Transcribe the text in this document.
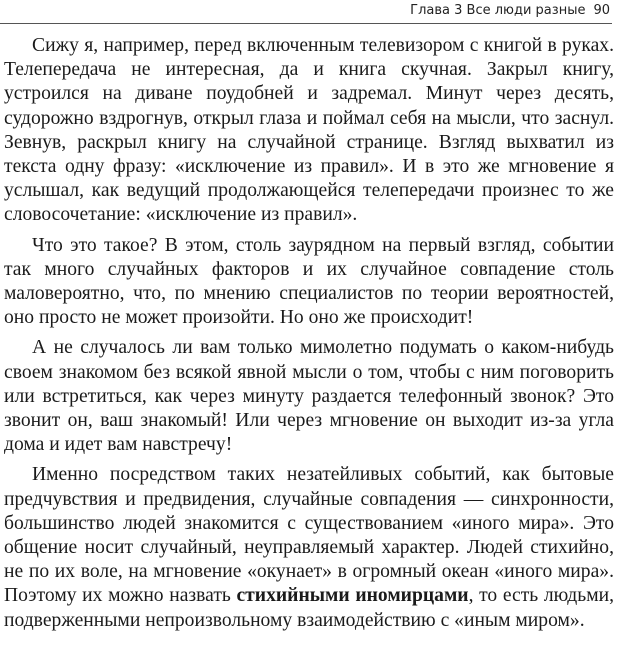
Глава 3 Все люди разные 90

Сижу я, например, перед включенным телевизором с книгой в руках. Телепередача не интересная, да и книга скучная. Закрыл книгу, устроился на диване поудобней и задремал. Минут через десять, судорожно вздрогнув, открыл глаза и поймал себя на мысли, что заснул. Зевнув, раскрыл книгу на случайной странице. Взгляд выхватил из текста одну фразу: «исключение из правил». И в это же мгновение я услышал, как ведущий продолжающейся телепередачи произнес то же словосочетание: «исключение из правил».

Что это такое? В этом, столь заурядном на первый взгляд, событии так много случайных факторов и их случайное совпадение столь маловероятно, что, по мнению специалистов по теории вероятностей, оно просто не может произойти. Но оно же происходит!

А не случалось ли вам только мимолетно подумать о каком-нибудь своем знакомом без всякой явной мысли о том, чтобы с ним поговорить или встретиться, как через минуту раздается телефонный звонок? Это звонит он, ваш знакомый! Или через мгновение он выходит из-за угла дома и идет вам навстречу!

Именно посредством таких незатейливых событий, как бытовые предчувствия и предвидения, случайные совпадения — синхронности, большинство людей знакомится с существованием «иного мира». Это общение носит случайный, неуправляемый характер. Людей стихийно, не по их воле, на мгновение «окунает» в огромный океан «иного мира». Поэтому их можно назвать стихийными иномирцами, то есть людьми, подверженными непроизвольному взаимодействию с «иным миром».
